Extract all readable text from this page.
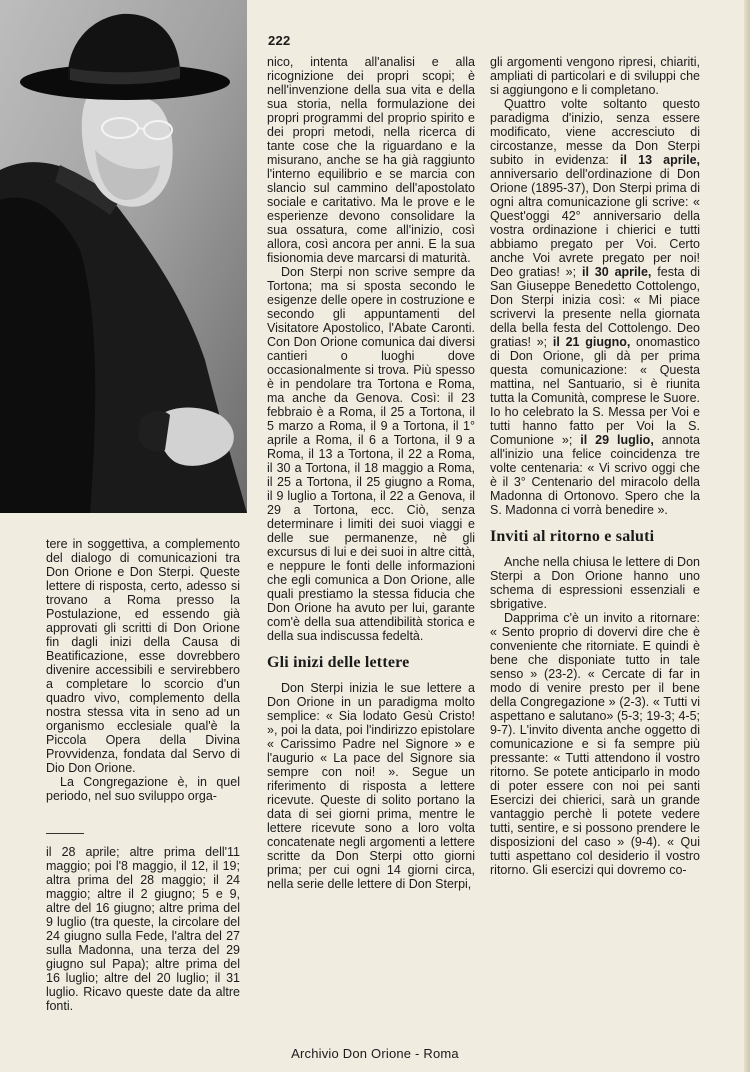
222

tere in soggettiva, a complemento del dialogo di comunicazioni tra Don Orione e Don Sterpi. Queste lettere di risposta, certo, adesso si trovano a Roma presso la Postulazione, ed essendo già approvati gli scritti di Don Orione fin dagli inizi della Causa di Beatificazione, esse dovrebbero divenire accessibili e servirebbero a completare lo scorcio d'un quadro vivo, complemento della nostra stessa vita in seno ad un organismo ecclesiale qual'è la Piccola Opera della Divina Provvidenza, fondata dal Servo di Dio Don Orione.

La Congregazione è, in quel periodo, nel suo sviluppo orga-

il 28 aprile; altre prima dell'11 maggio; poi l'8 maggio, il 12, il 19; altra prima del 28 maggio; il 24 maggio; altre il 2 giugno; 5 e 9, altre del 16 giugno; altre prima del 9 luglio (tra queste, la circolare del 24 giugno sulla Fede, l'altra del 27 sulla Madonna, una terza del 29 giugno sul Papa); altre prima del 16 luglio; altre del 20 luglio; il 31 luglio. Ricavo queste date da altre fonti.

nico, intenta all'analisi e alla ricognizione dei propri scopi; è nell'invenzione della sua vita e della sua storia, nella formulazione dei propri programmi del proprio spirito e dei propri metodi, nella ricerca di tante cose che la riguardano e la misurano, anche se ha già raggiunto l'interno equilibrio e se marcia con slancio sul cammino dell'apostolato sociale e caritativo. Ma le prove e le esperienze devono consolidare la sua ossatura, come all'inizio, così allora, così ancora per anni. E la sua fisionomia deve marcarsi di maturità.

Don Sterpi non scrive sempre da Tortona; ma si sposta secondo le esigenze delle opere in costruzione e secondo gli appuntamenti del Visitatore Apostolico, l'Abate Caronti. Con Don Orione comunica dai diversi cantieri o luoghi dove occasionalmente si trova. Più spesso è in pendolare tra Tortona e Roma, ma anche da Genova. Così: il 23 febbraio è a Roma, il 25 a Tortona, il 5 marzo a Roma, il 9 a Tortona, il 1° aprile a Roma, il 6 a Tortona, il 9 a Roma, il 13 a Tortona, il 22 a Roma, il 30 a Tortona, il 18 maggio a Roma, il 25 a Tortona, il 25 giugno a Roma, il 9 luglio a Tortona, il 22 a Genova, il 29 a Tortona, ecc. Ciò, senza determinare i limiti dei suoi viaggi e delle sue permanenze, nè gli excursus di lui e dei suoi in altre città, e neppure le fonti delle informazioni che egli comunica a Don Orione, alle quali prestiamo la stessa fiducia che Don Orione ha avuto per lui, garante com'è della sua attendibilità storica e della sua indiscussa fedeltà.

Gli inizi delle lettere

Don Sterpi inizia le sue lettere a Don Orione in un paradigma molto semplice: « Sia lodato Gesù Cristo! », poi la data, poi l'indirizzo epistolare « Carissimo Padre nel Signore » e l'augurio « La pace del Signore sia sempre con noi! ». Segue un riferimento di risposta a lettere ricevute. Queste di solito portano la data di sei giorni prima, mentre le lettere ricevute sono a loro volta concatenate negli argomenti a lettere scritte da Don Sterpi otto giorni prima; per cui ogni 14 giorni circa, nella serie delle lettere di Don Sterpi,

gli argomenti vengono ripresi, chiariti, ampliati di particolari e di sviluppi che si aggiungono e li completano.

Quattro volte soltanto questo paradigma d'inizio, senza essere modificato, viene accresciuto di circostanze, messe da Don Sterpi subito in evidenza: il 13 aprile, anniversario dell'ordinazione di Don Orione (1895-37), Don Sterpi prima di ogni altra comunicazione gli scrive: « Quest'oggi 42° anniversario della vostra ordinazione i chierici e tutti abbiamo pregato per Voi. Certo anche Voi avrete pregato per noi! Deo gratias! »; il 30 aprile, festa di San Giuseppe Benedetto Cottolengo, Don Sterpi inizia così: « Mi piace scrivervi la presente nella giornata della bella festa del Cottolengo. Deo gratias! »; il 21 giugno, onomastico di Don Orione, gli dà per prima questa comunicazione: « Questa mattina, nel Santuario, si è riunita tutta la Comunità, comprese le Suore. Io ho celebrato la S. Messa per Voi e tutti hanno fatto per Voi la S. Comunione »; il 29 luglio, annota all'inizio una felice coincidenza tre volte centenaria: « Vi scrivo oggi che è il 3° Centenario del miracolo della Madonna di Ortonovo. Spero che la S. Madonna ci vorrà benedire ».

Inviti al ritorno e saluti

Anche nella chiusa le lettere di Don Sterpi a Don Orione hanno uno schema di espressioni essenziali e sbrigative.

Dapprima c'è un invito a ritornare: « Sento proprio di dovervi dire che è conveniente che ritorniate. E quindi è bene che disponiate tutto in tale senso » (23-2). « Cercate di far in modo di venire presto per il bene della Congregazione » (2-3). « Tutti vi aspettano e salutano» (5-3; 19-3; 4-5; 9-7). L'invito diventa anche oggetto di comunicazione e si fa sempre più pressante: « Tutti attendono il vostro ritorno. Se potete anticiparlo in modo di poter essere con noi pei santi Esercizi dei chierici, sarà un grande vantaggio perchè li potete vedere tutti, sentire, e si possono prendere le disposizioni del caso » (9-4). « Qui tutti aspettano col desiderio il vostro ritorno. Gli esercizi qui dovremo co-

Archivio Don Orione - Roma
